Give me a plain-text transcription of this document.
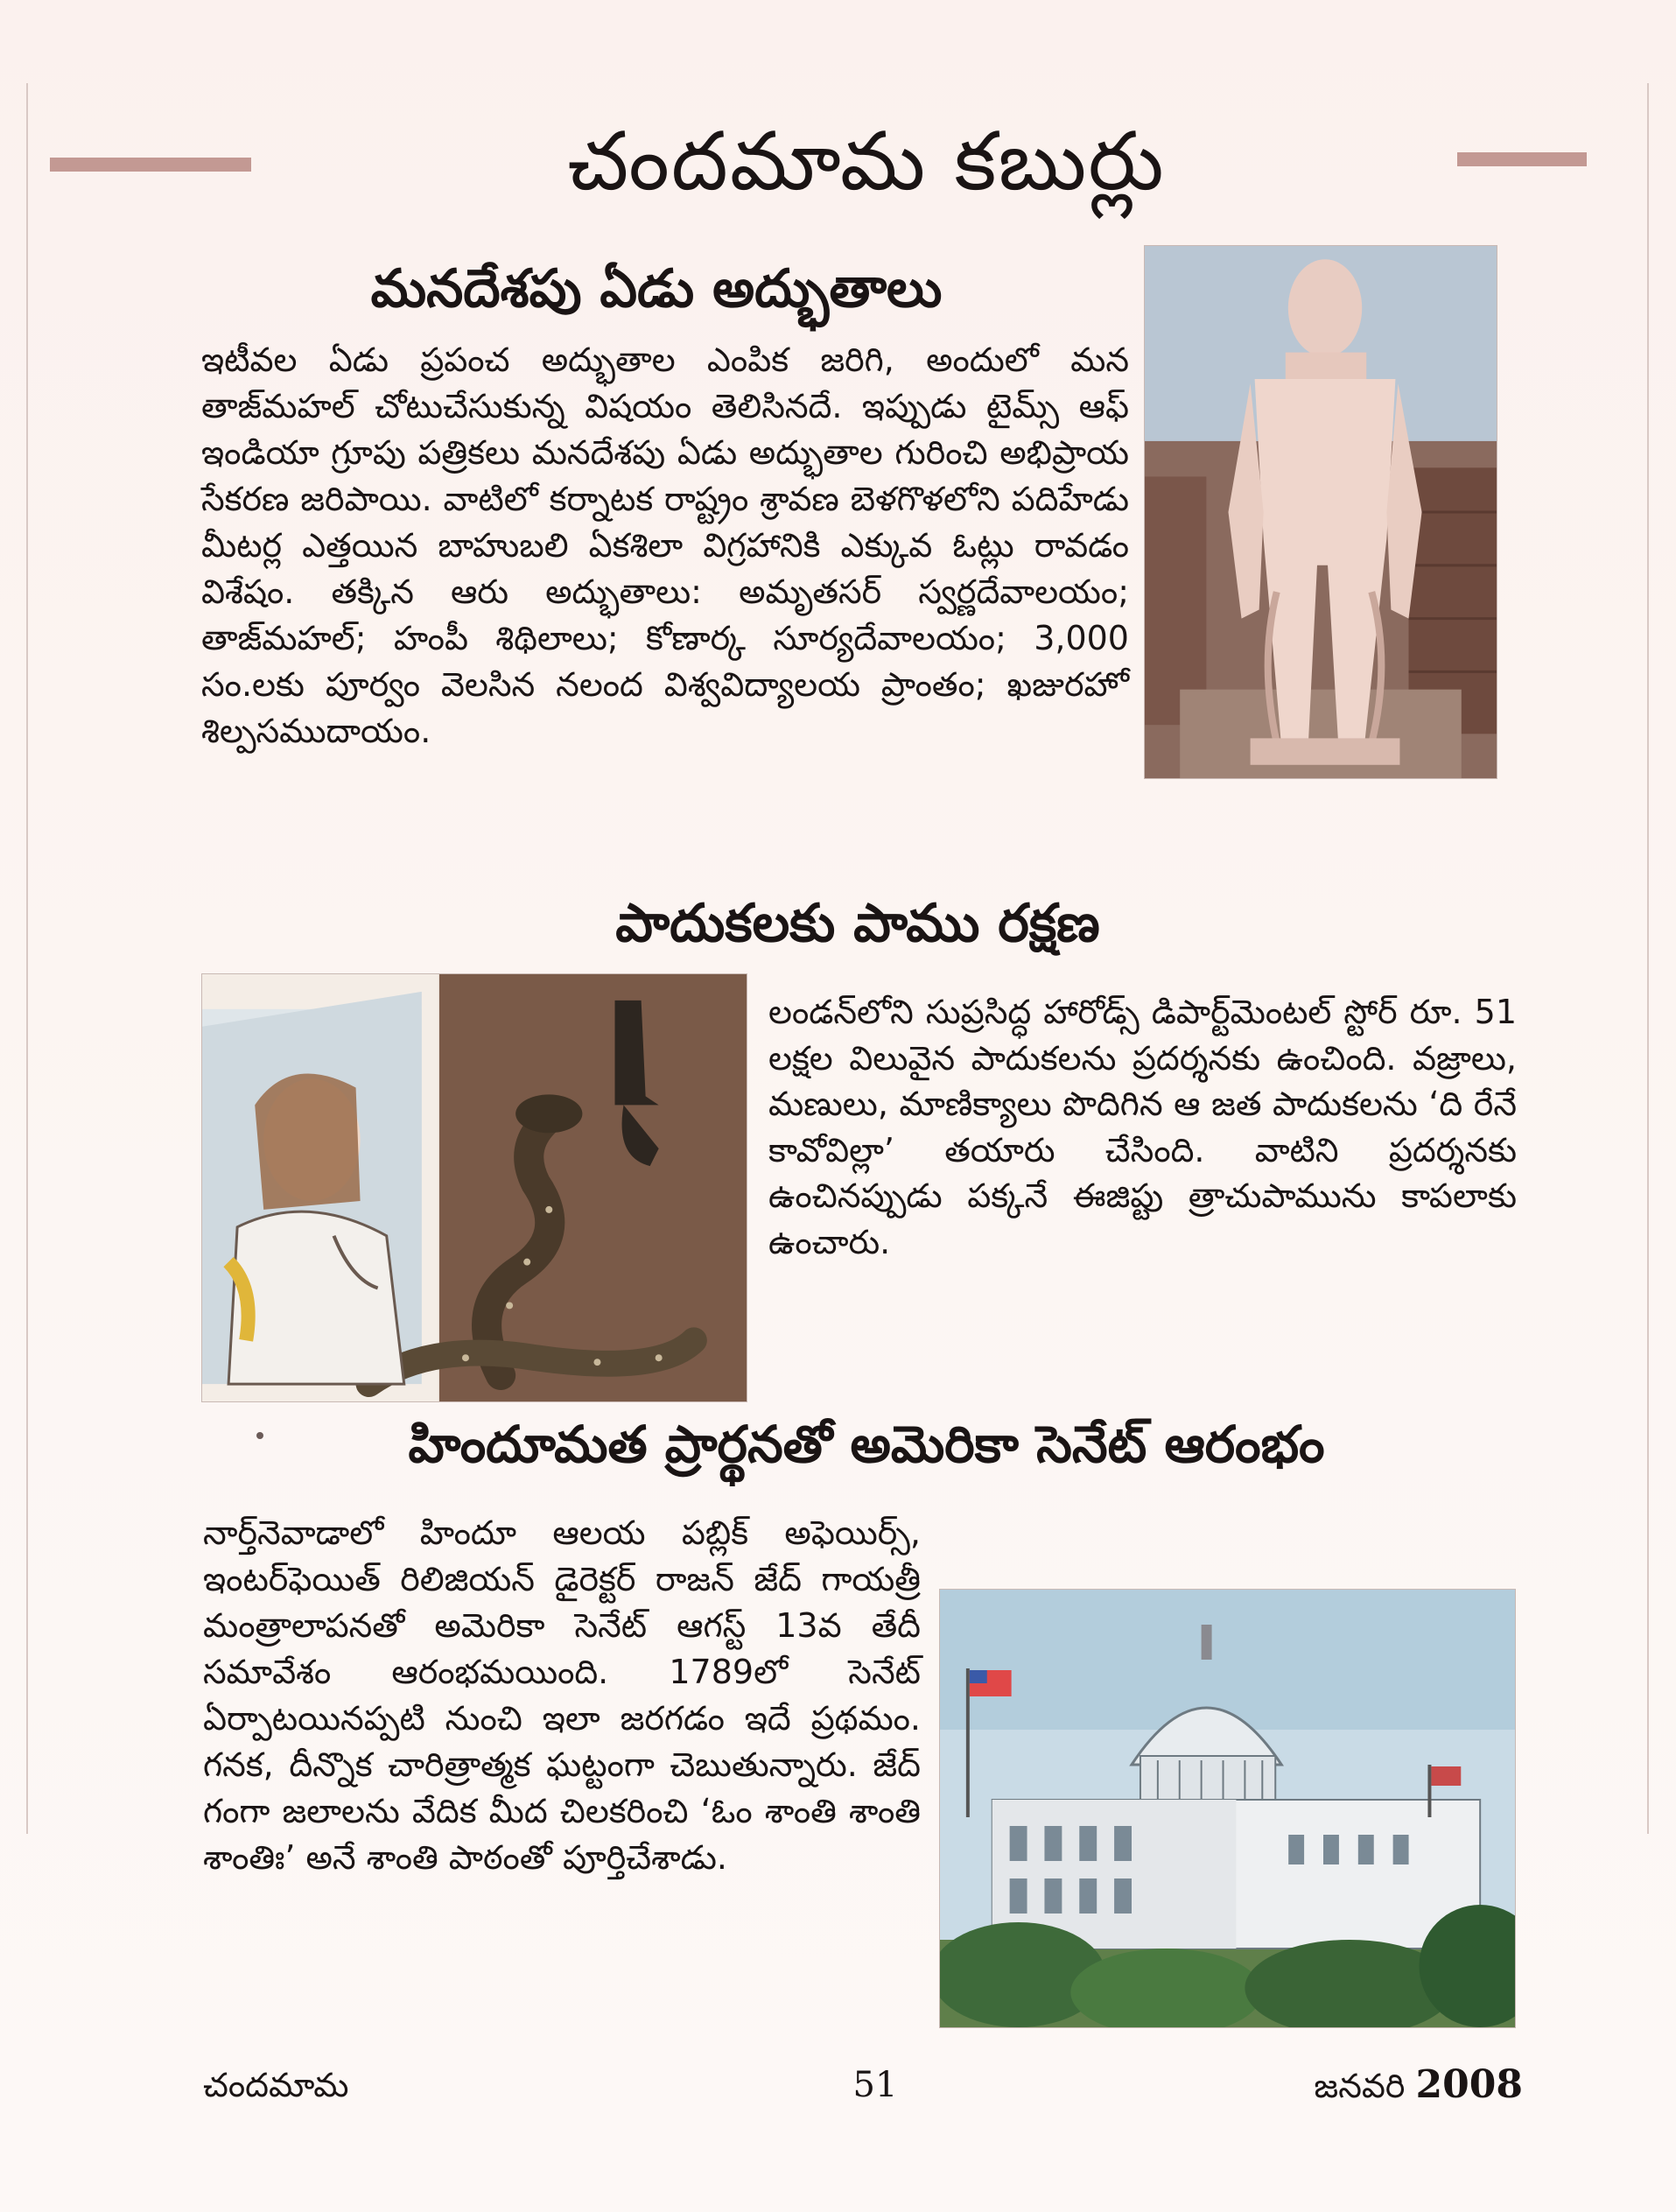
చందమామ కబుర్లు
మనదేశపు ఏడు అద్భుతాలు

ఇటీవల ఏడు ప్రపంచ అద్భుతాల ఎంపిక జరిగి, అందులో మన తాజ్‌మహల్ చోటుచేసుకున్న విషయం తెలిసినదే. ఇప్పుడు టైమ్స్ ఆఫ్ ఇండియా గ్రూపు పత్రికలు మనదేశపు ఏడు అద్భుతాల గురించి అభిప్రాయ సేకరణ జరిపాయి. వాటిలో కర్నాటక రాష్ట్రం శ్రావణ బెళగొళలోని పదిహేడు మీటర్ల ఎత్తయిన బాహుబలి ఏకశిలా విగ్రహానికి ఎక్కువ ఓట్లు రావడం విశేషం. తక్కిన ఆరు అద్భుతాలు: అమృతసర్ స్వర్ణదేవాలయం; తాజ్‌మహల్; హంపీ శిథిలాలు; కోణార్క సూర్యదేవాలయం; 3,000 సం.లకు పూర్వం వెలసిన నలంద విశ్వవిద్యాలయ ప్రాంతం; ఖజురహో శిల్పసముదాయం.

పాదుకలకు పాము రక్షణ

లండన్‌లోని సుప్రసిద్ధ హారోడ్స్ డిపార్ట్‌మెంటల్ స్టోర్ రూ. 51 లక్షల విలువైన పాదుకలను ప్రదర్శనకు ఉంచింది. వజ్రాలు, మణులు, మాణిక్యాలు పొదిగిన ఆ జత పాదుకలను ‘ది రేనే కావోవిల్లా’ తయారు చేసింది. వాటిని ప్రదర్శనకు ఉంచినప్పుడు పక్కనే ఈజిప్టు త్రాచుపామును కాపలాకు ఉంచారు.

హిందూమత ప్రార్థనతో అమెరికా సెనేట్ ఆరంభం

నార్త్‌నెవాడాలో హిందూ ఆలయ పబ్లిక్ అఫెయిర్స్, ఇంటర్‌ఫెయిత్ రిలిజియన్ డైరెక్టర్ రాజన్ జేద్ గాయత్రీ మంత్రాలాపనతో అమెరికా సెనేట్ ఆగస్ట్ 13వ తేదీ సమావేశం ఆరంభమయింది. 1789లో సెనేట్ ఏర్పాటయినప్పటి నుంచి ఇలా జరగడం ఇదే ప్రథమం. గనక, దీన్నొక చారిత్రాత్మక ఘట్టంగా చెబుతున్నారు. జేద్ గంగా జలాలను వేదిక మీద చిలకరించి ‘ఓం శాంతి శాంతి శాంతిః’ అనే శాంతి పాఠంతో పూర్తిచేశాడు.

చందమామ	51	జనవరి 2008
